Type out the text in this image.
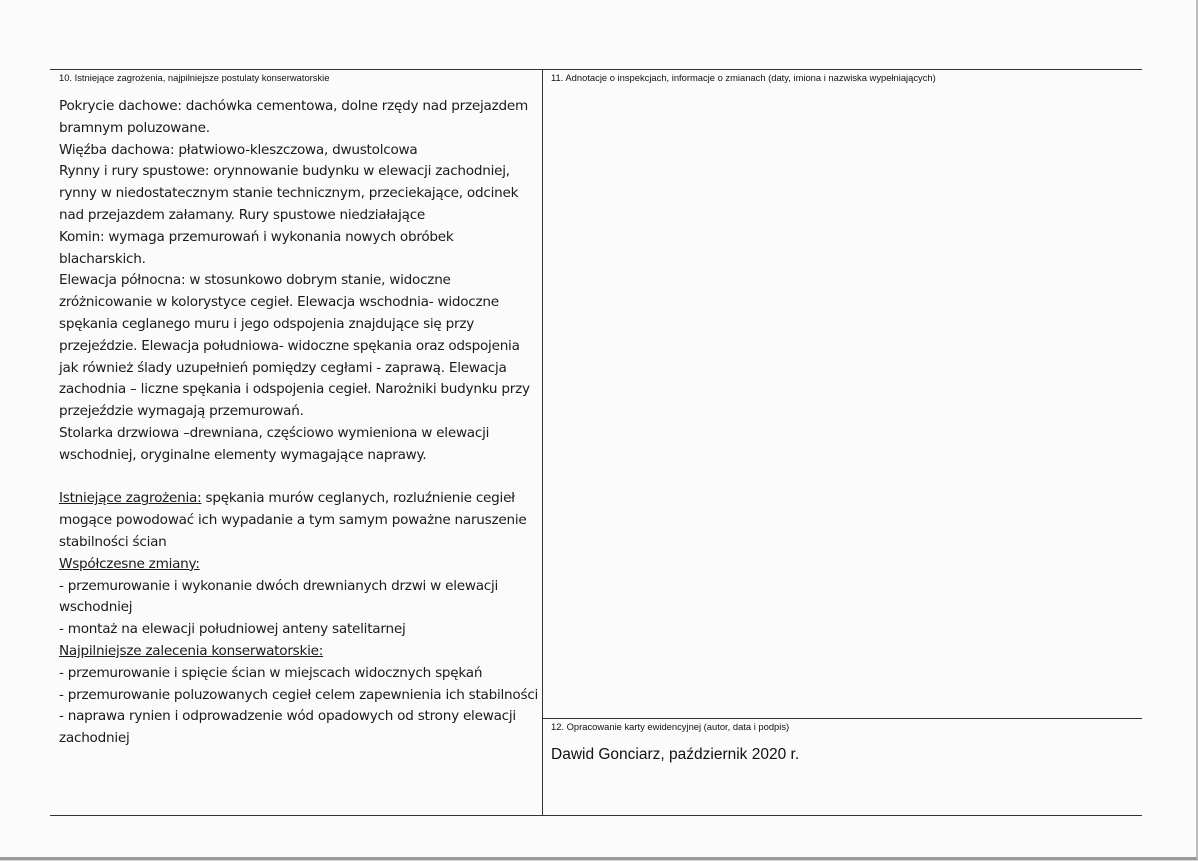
10. Istniejące zagrożenia, najpilniejsze postulaty konserwatorskie	11. Adnotacje o inspekcjach, informacje o zmianach (daty, imiona i nazwiska wypełniających)
12. Opracowanie karty ewidencyjnej (autor, data i podpis)

Pokrycie dachowe: dachówka cementowa, dolne rzędy nad przejazdem bramnym poluzowane.

Więźba dachowa: płatwiowo-kleszczowa, dwustolcowa

Rynny i rury spustowe: orynnowanie budynku w elewacji zachodniej, rynny w niedostatecznym stanie technicznym, przeciekające, odcinek nad przejazdem załamany. Rury spustowe niedziałające

Komin: wymaga przemurowań i wykonania nowych obróbek blacharskich.

Elewacja północna: w stosunkowo dobrym stanie, widoczne zróżnicowanie w kolorystyce cegieł. Elewacja wschodnia- widoczne spękania ceglanego muru i jego odspojenia znajdujące się przy przejeździe. Elewacja południowa- widoczne spękania oraz odspojenia jak również ślady uzupełnień pomiędzy cegłami - zaprawą. Elewacja zachodnia – liczne spękania i odspojenia cegieł. Narożniki budynku przy przejeździe wymagają przemurowań.

Stolarka drzwiowa –drewniana, częściowo wymieniona w elewacji wschodniej, oryginalne elementy wymagające naprawy.

Istniejące zagrożenia: spękania murów ceglanych, rozluźnienie cegieł mogące powodować ich wypadanie a tym samym poważne naruszenie stabilności ścian

Współczesne zmiany:

- przemurowanie i wykonanie dwóch drewnianych drzwi w elewacji wschodniej

- montaż na elewacji południowej anteny satelitarnej

Najpilniejsze zalecenia konserwatorskie:

- przemurowanie i spięcie ścian w miejscach widocznych spękań

- przemurowanie poluzowanych cegieł celem zapewnienia ich stabilności

- naprawa rynien i odprowadzenie wód opadowych od strony elewacji zachodniej

Dawid Gonciarz, październik 2020 r.
